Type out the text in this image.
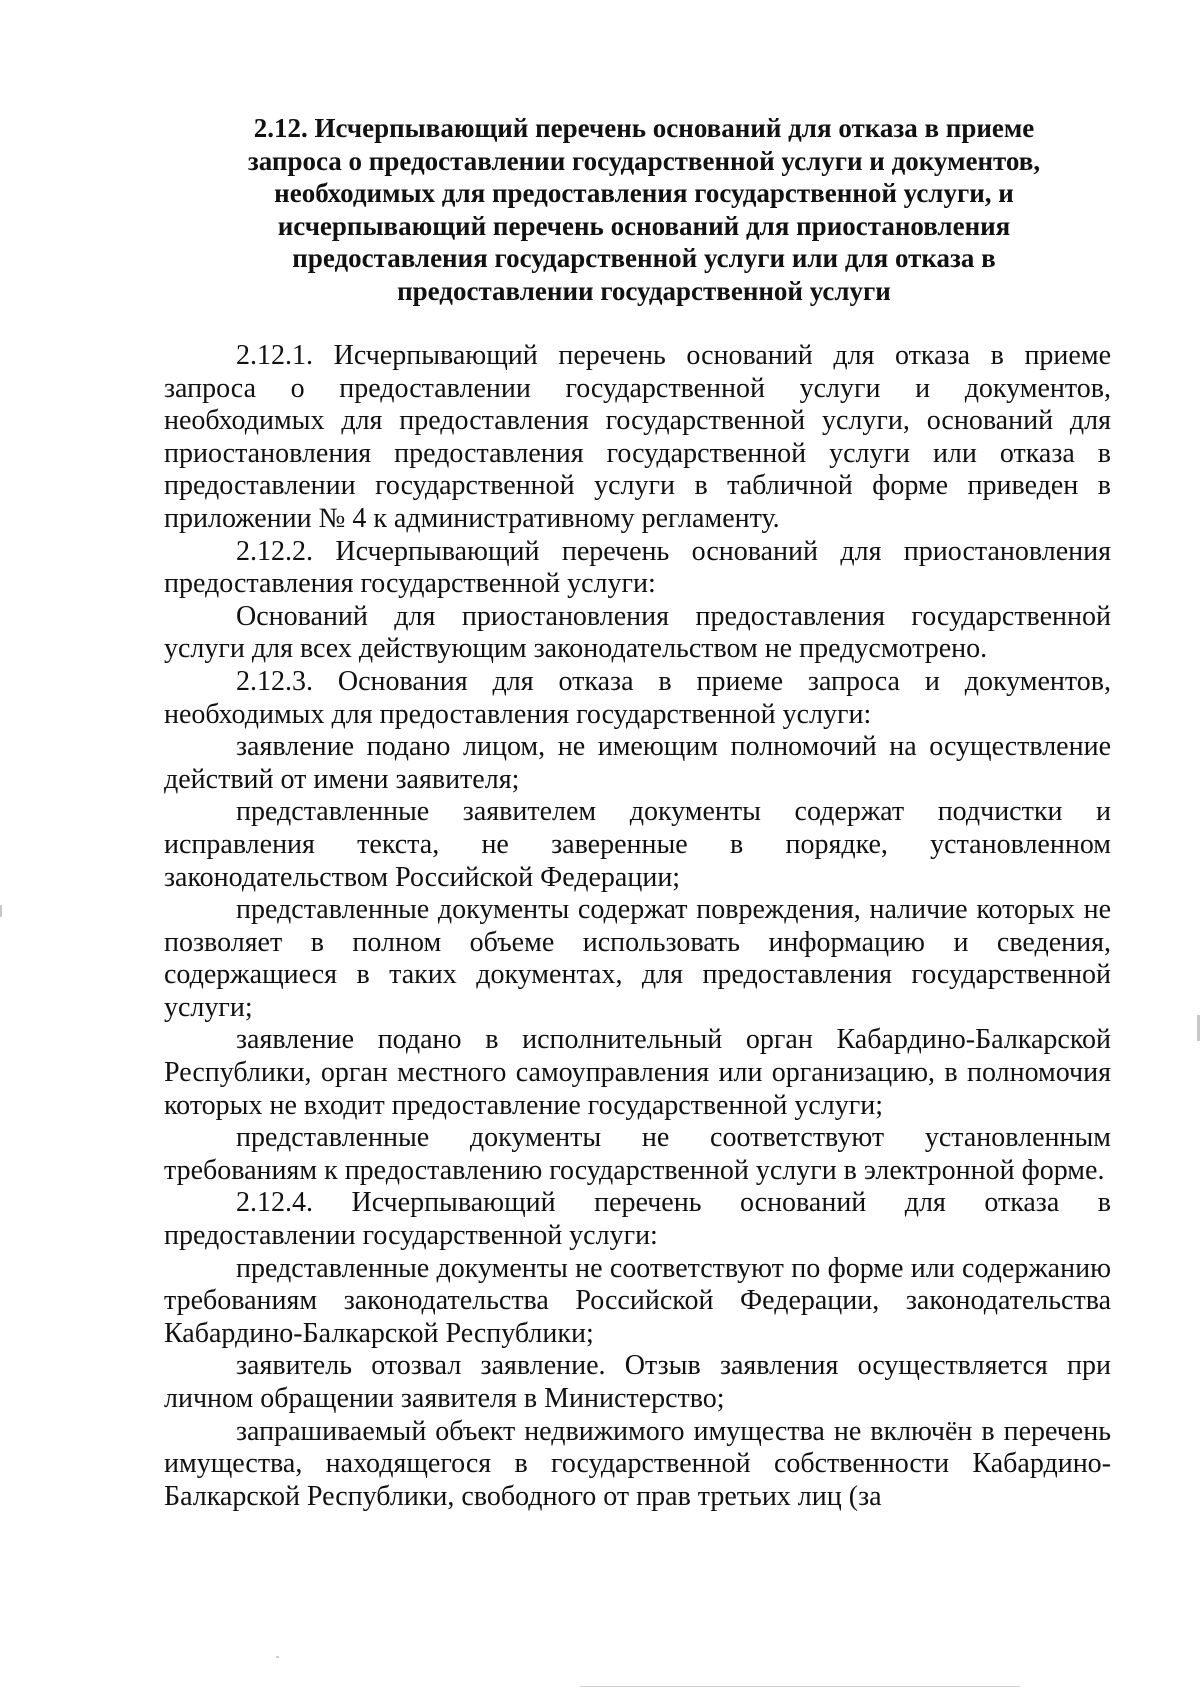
2.12. Исчерпывающий перечень оснований для отказа в приеме
запроса о предоставлении государственной услуги и документов,
необходимых для предоставления государственной услуги, и
исчерпывающий перечень оснований для приостановления
предоставления государственной услуги или для отказа в
предоставлении государственной услуги

2.12.1. Исчерпывающий перечень оснований для отказа в приеме запроса о предоставлении государственной услуги и документов, необходимых для предоставления государственной услуги, оснований для приостановления предоставления государственной услуги или отказа в предоставлении государственной услуги в табличной форме приведен в приложении № 4 к административному регламенту.

2.12.2. Исчерпывающий перечень оснований для приостановления предоставления государственной услуги:

Оснований для приостановления предоставления государственной услуги для всех действующим законодательством не предусмотрено.

2.12.3. Основания для отказа в приеме запроса и документов, необходимых для предоставления государственной услуги:

заявление подано лицом, не имеющим полномочий на осуществление действий от имени заявителя;

представленные заявителем документы содержат подчистки и исправления текста, не заверенные в порядке, установленном законодательством Российской Федерации;

представленные документы содержат повреждения, наличие которых не позволяет в полном объеме использовать информацию и сведения, содержащиеся в таких документах, для предоставления государственной услуги;

заявление подано в исполнительный орган Кабардино-Балкарской Республики, орган местного самоуправления или организацию, в полномочия которых не входит предоставление государственной услуги;

представленные документы не соответствуют установленным требованиям к предоставлению государственной услуги в электронной форме.

2.12.4. Исчерпывающий перечень оснований для отказа в предоставлении государственной услуги:

представленные документы не соответствуют по форме или содержанию требованиям законодательства Российской Федерации, законодательства Кабардино-Балкарской Республики;

заявитель отозвал заявление. Отзыв заявления осуществляется при личном обращении заявителя в Министерство;

запрашиваемый объект недвижимого имущества не включён в перечень имущества, находящегося в государственной собственности Кабардино-Балкарской Республики, свободного от прав третьих лиц (за
